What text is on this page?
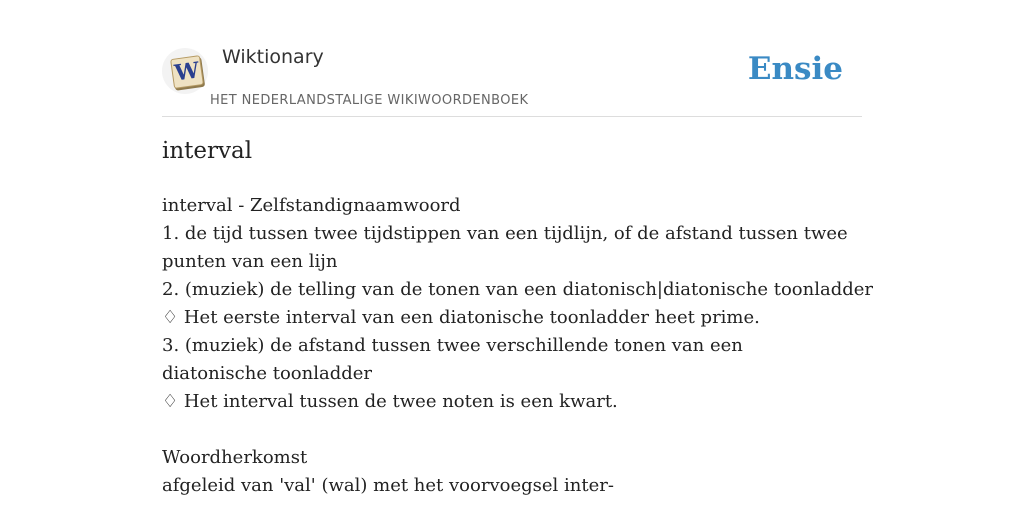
W
Wiktionary
HET NEDERLANDSTALIGE WIKIWOORDENBOEK
Ensie
interval
interval - Zelfstandignaamwoord
1. de tijd tussen twee tijdstippen van een tijdlijn, of de afstand tussen twee punten van een lijn
2. (muziek) de telling van de tonen van een diatonisch|diatonische toonladder
♢ Het eerste interval van een diatonische toonladder heet prime.
3. (muziek) de afstand tussen twee verschillende tonen van een diatonische toonladder
♢ Het interval tussen de twee noten is een kwart.
Woordherkomst
afgeleid van 'val' (wal) met het voorvoegsel inter-
